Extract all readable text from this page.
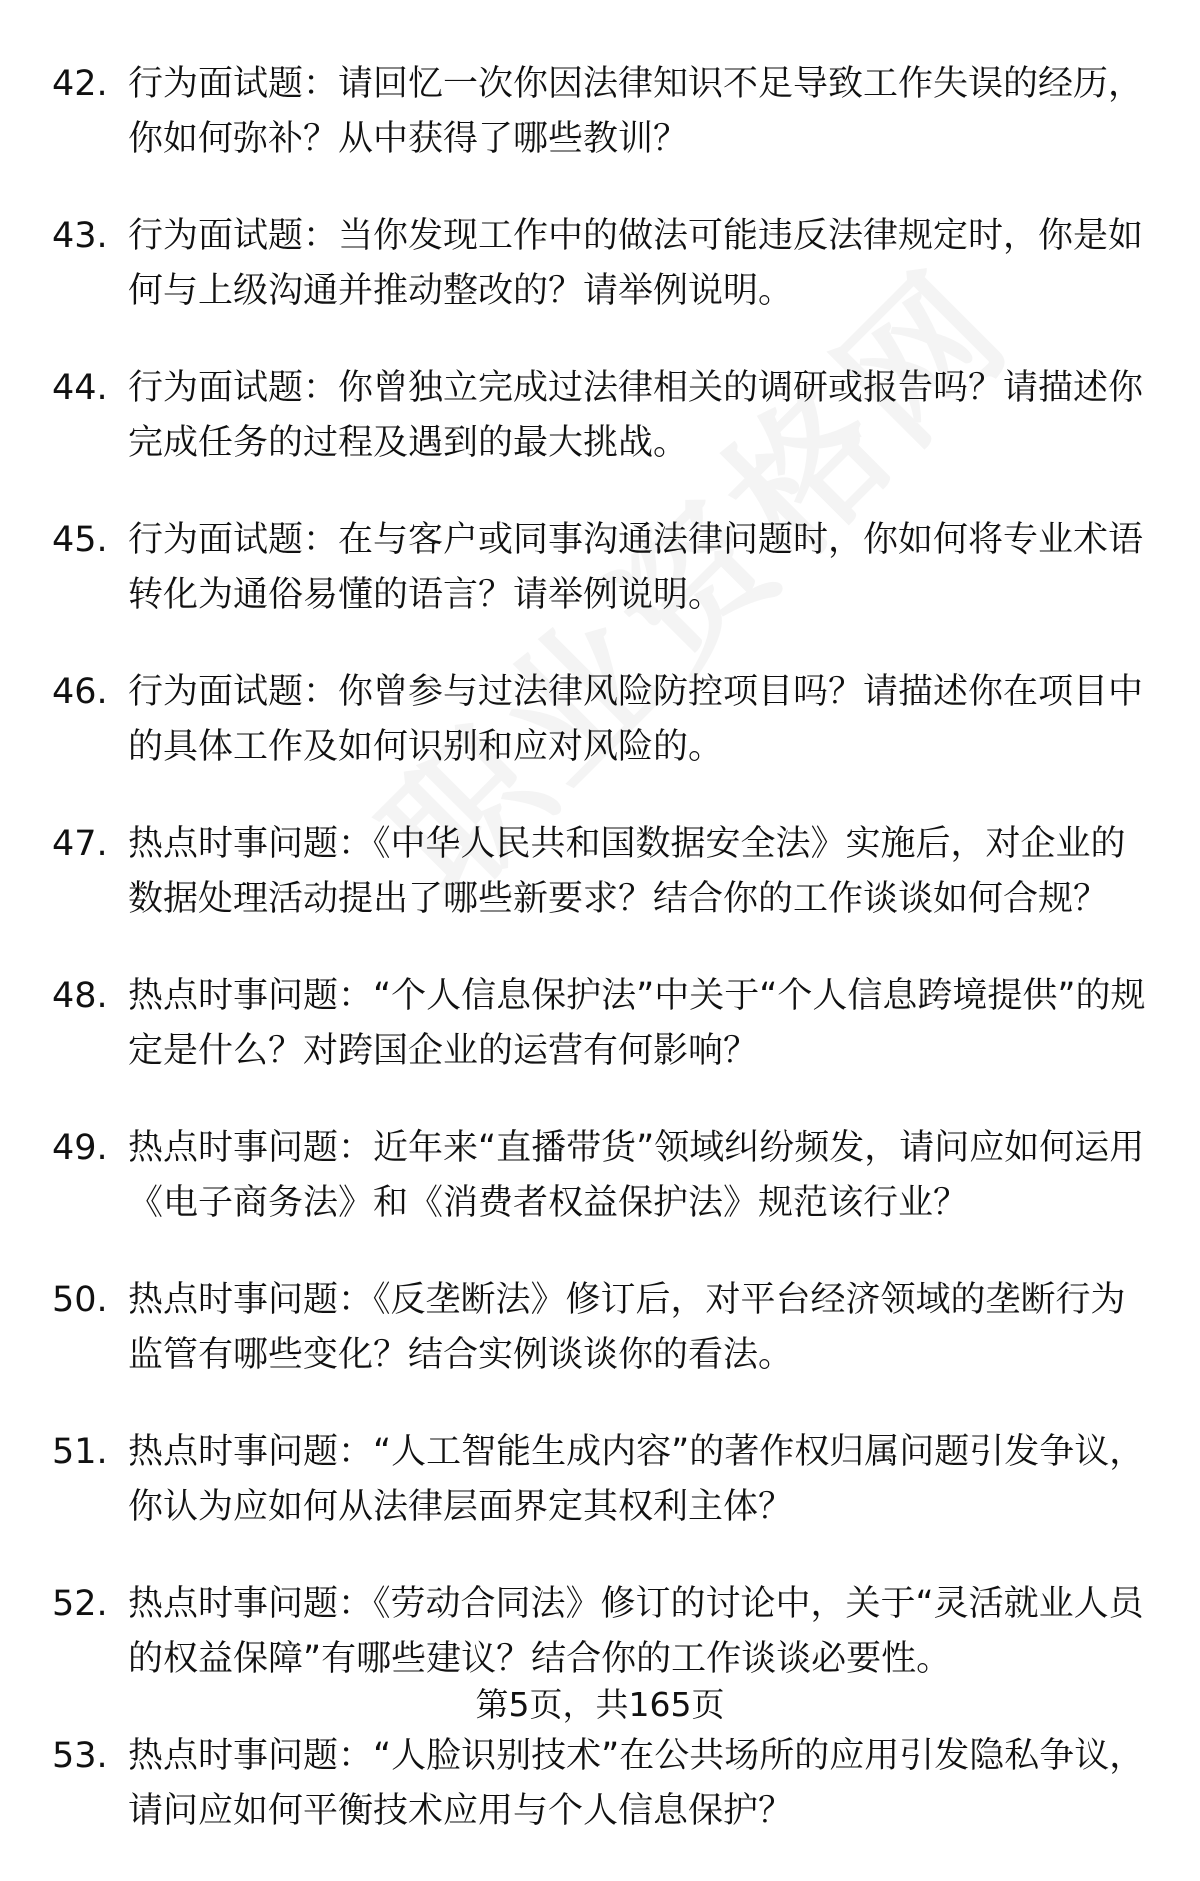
42. 行为面试题：请回忆一次你因法律知识不足导致工作失误的经历，你如何弥补？从中获得了哪些教训？
43. 行为面试题：当你发现工作中的做法可能违反法律规定时，你是如何与上级沟通并推动整改的？请举例说明。
44. 行为面试题：你曾独立完成过法律相关的调研或报告吗？请描述你完成任务的过程及遇到的最大挑战。
45. 行为面试题：在与客户或同事沟通法律问题时，你如何将专业术语转化为通俗易懂的语言？请举例说明。
46. 行为面试题：你曾参与过法律风险防控项目吗？请描述你在项目中的具体工作及如何识别和应对风险的。
47. 热点时事问题：《中华人民共和国数据安全法》实施后，对企业的数据处理活动提出了哪些新要求？结合你的工作谈谈如何合规？
48. 热点时事问题：“个人信息保护法”中关于“个人信息跨境提供”的规定是什么？对跨国企业的运营有何影响？
49. 热点时事问题：近年来“直播带货”领域纠纷频发，请问应如何运用《电子商务法》和《消费者权益保护法》规范该行业？
50. 热点时事问题：《反垄断法》修订后，对平台经济领域的垄断行为监管有哪些变化？结合实例谈谈你的看法。
51. 热点时事问题：“人工智能生成内容”的著作权归属问题引发争议，你认为应如何从法律层面界定其权利主体？
52. 热点时事问题：《劳动合同法》修订的讨论中，关于“灵活就业人员的权益保障”有哪些建议？结合你的工作谈谈必要性。
53. 热点时事问题：“人脸识别技术”在公共场所的应用引发隐私争议，请问应如何平衡技术应用与个人信息保护？
第5页，共165页
